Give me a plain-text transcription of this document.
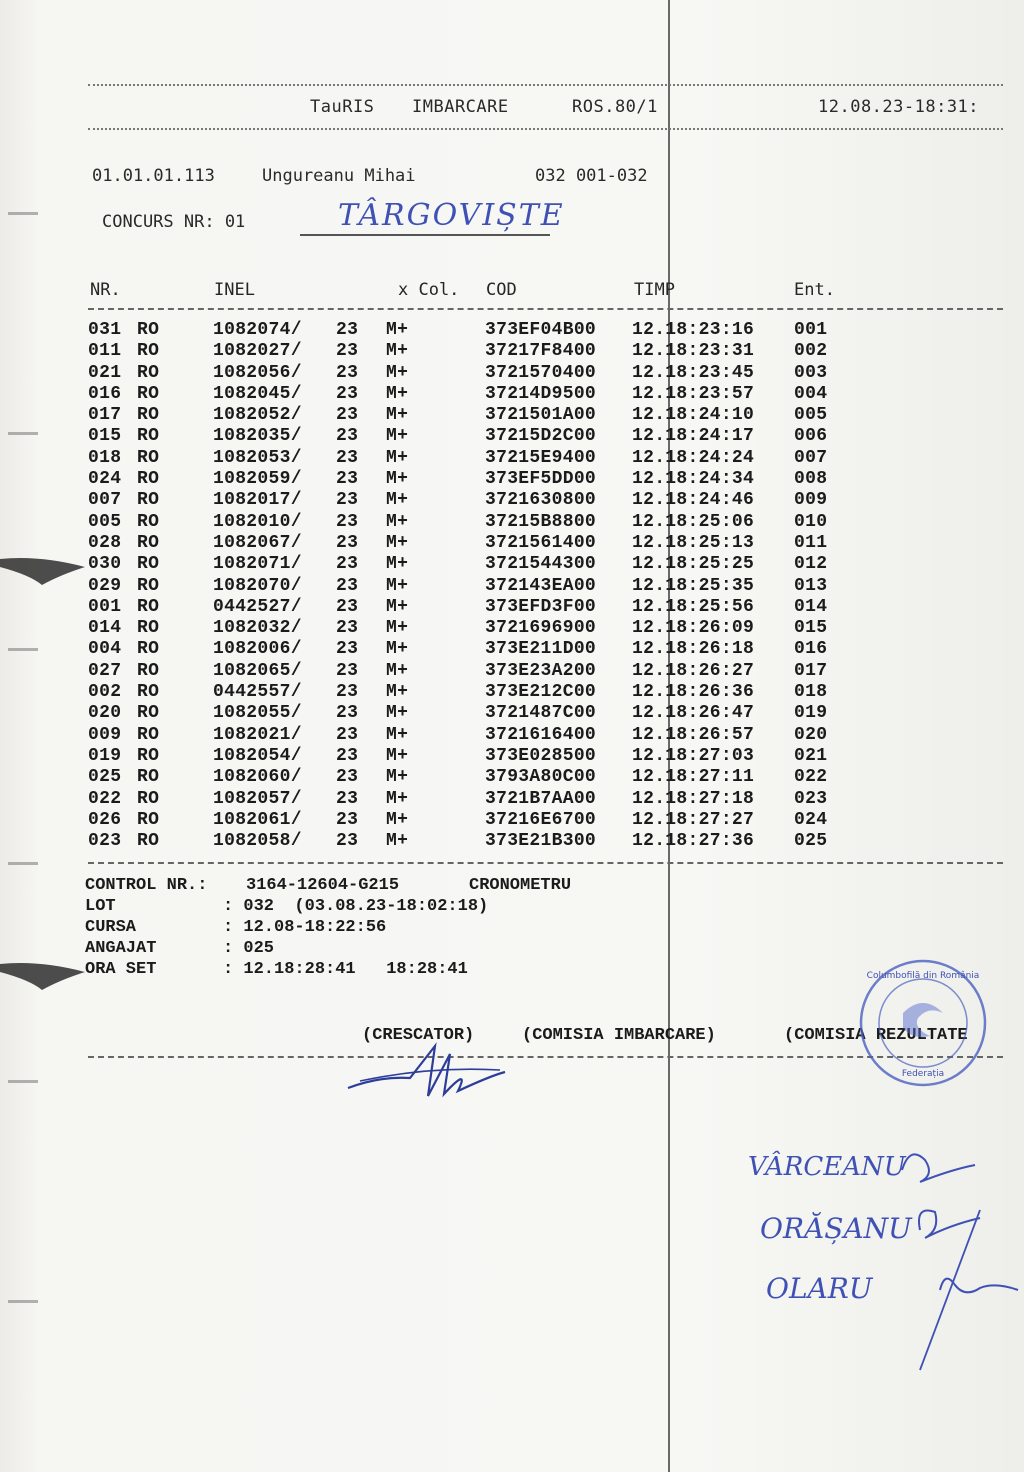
TauRIS IMBARCARE	ROS.80/1	12.08.23-18:31:
01.01.01.113	Ungureanu Mihai	032 001-032
CONCURS NR: 01	TÂRGOVIȘTE
NR.	INEL	x Col. COD	TIMP	Ent.
031 RO	1082074/ 23 M+	373EF04B00 12.18:23:16 001
011 RO	1082027/ 23 M+	37217F8400 12.18:23:31 002
021 RO	1082056/ 23 M+	3721570400 12.18:23:45 003
016 RO	1082045/ 23 M+	37214D9500 12.18:23:57 004
017 RO	1082052/ 23 M+	3721501A00 12.18:24:10 005
015 RO	1082035/ 23 M+	37215D2C00 12.18:24:17 006
018 RO	1082053/ 23 M+	37215E9400 12.18:24:24 007
024 RO	1082059/ 23 M+	373EF5DD00 12.18:24:34 008
007 RO	1082017/ 23 M+	3721630800 12.18:24:46 009
005 RO	1082010/ 23 M+	37215B8800 12.18:25:06 010
028 RO	1082067/ 23 M+	3721561400 12.18:25:13 011
030 RO	1082071/ 23 M+	3721544300 12.18:25:25 012
029 RO	1082070/ 23 M+	372143EA00 12.18:25:35 013
001 RO	0442527/ 23 M+	373EFD3F00 12.18:25:56 014
014 RO	1082032/ 23 M+	3721696900 12.18:26:09 015
004 RO	1082006/ 23 M+	373E211D00 12.18:26:18 016
027 RO	1082065/ 23 M+	373E23A200 12.18:26:27 017
002 RO	0442557/ 23 M+	373E212C00 12.18:26:36 018
020 RO	1082055/ 23 M+	3721487C00 12.18:26:47 019
009 RO	1082021/ 23 M+	3721616400 12.18:26:57 020
019 RO	1082054/ 23 M+	373E028500 12.18:27:03 021
025 RO	1082060/ 23 M+	3793A80C00 12.18:27:11 022
022 RO	1082057/ 23 M+	3721B7AA00 12.18:27:18 023
026 RO	1082061/ 23 M+	37216E6700 12.18:27:27 024
023 RO	1082058/ 23 M+	373E21B300 12.18:27:36 025

CONTROL NR.:

3164-12604-G215

	CRONOMETRU

LOT

	: 032  (03.08.23-18:02:18)

CURSA

	: 12.08-18:22:56

ANGAJAT

	: 025

ORA SET

	: 12.18:28:41   18:28:41

(CRESCATOR)	(COMISIA IMBARCARE)	(COMISIA REZULTATE
Columbofilă din România
Federația
VÂRCEANU
ORĂȘANU
OLARU
